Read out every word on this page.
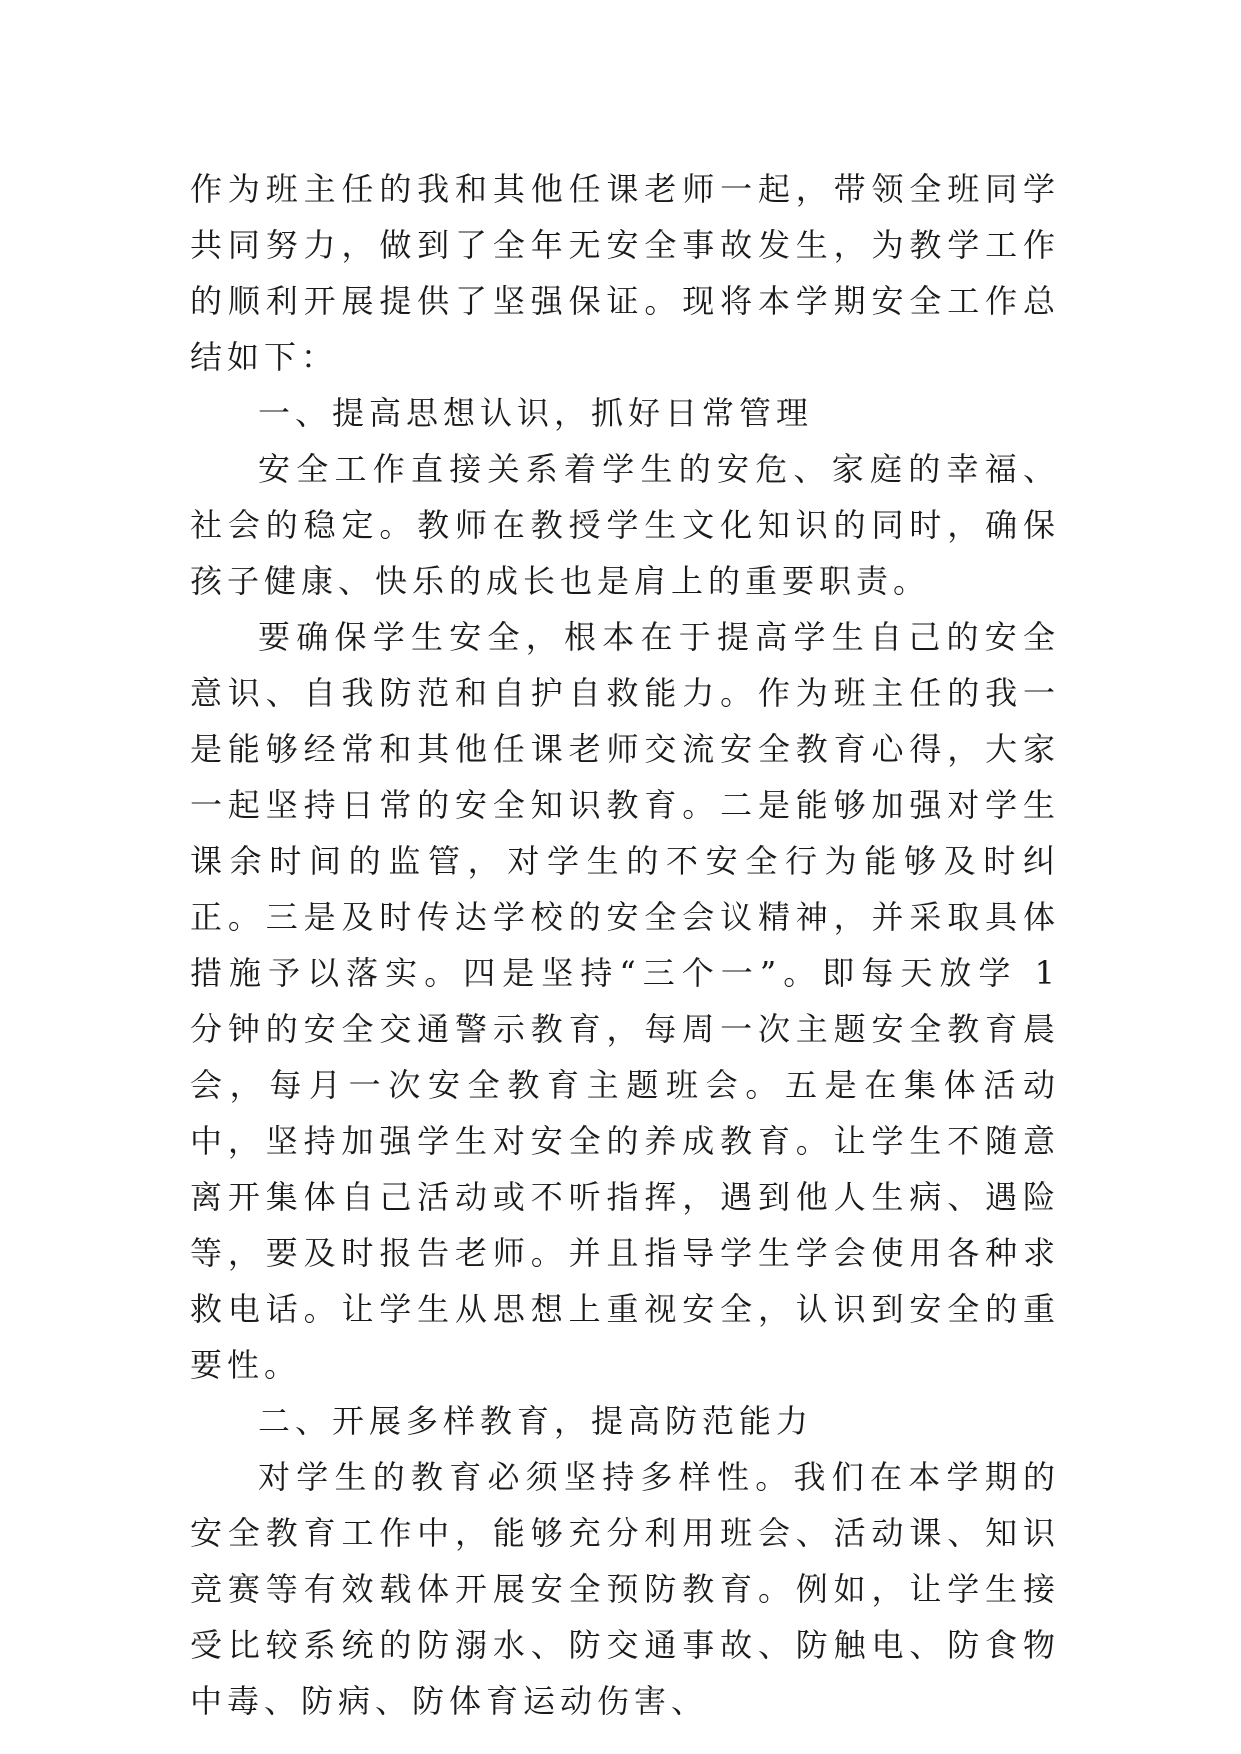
作为班主任的我和其他任课老师一起，带领全班同学共同努力，做到了全年无安全事故发生，为教学工作的顺利开展提供了坚强保证。现将本学期安全工作总结如下：

一、提高思想认识，抓好日常管理

安全工作直接关系着学生的安危、家庭的幸福、社会的稳定。教师在教授学生文化知识的同时，确保孩子健康、快乐的成长也是肩上的重要职责。

要确保学生安全，根本在于提高学生自己的安全意识、自我防范和自护自救能力。作为班主任的我一是能够经常和其他任课老师交流安全教育心得，大家一起坚持日常的安全知识教育。二是能够加强对学生课余时间的监管，对学生的不安全行为能够及时纠正。三是及时传达学校的安全会议精神，并采取具体措施予以落实。四是坚持“三个一”。即每天放学 1 分钟的安全交通警示教育，每周一次主题安全教育晨会，每月一次安全教育主题班会。五是在集体活动中，坚持加强学生对安全的养成教育。让学生不随意离开集体自己活动或不听指挥，遇到他人生病、遇险等，要及时报告老师。并且指导学生学会使用各种求救电话。让学生从思想上重视安全，认识到安全的重要性。

二、开展多样教育，提高防范能力

对学生的教育必须坚持多样性。我们在本学期的安全教育工作中，能够充分利用班会、活动课、知识竞赛等有效载体开展安全预防教育。例如，让学生接受比较系统的防溺水、防交通事故、防触电、防食物中毒、防病、防体育运动伤害、
